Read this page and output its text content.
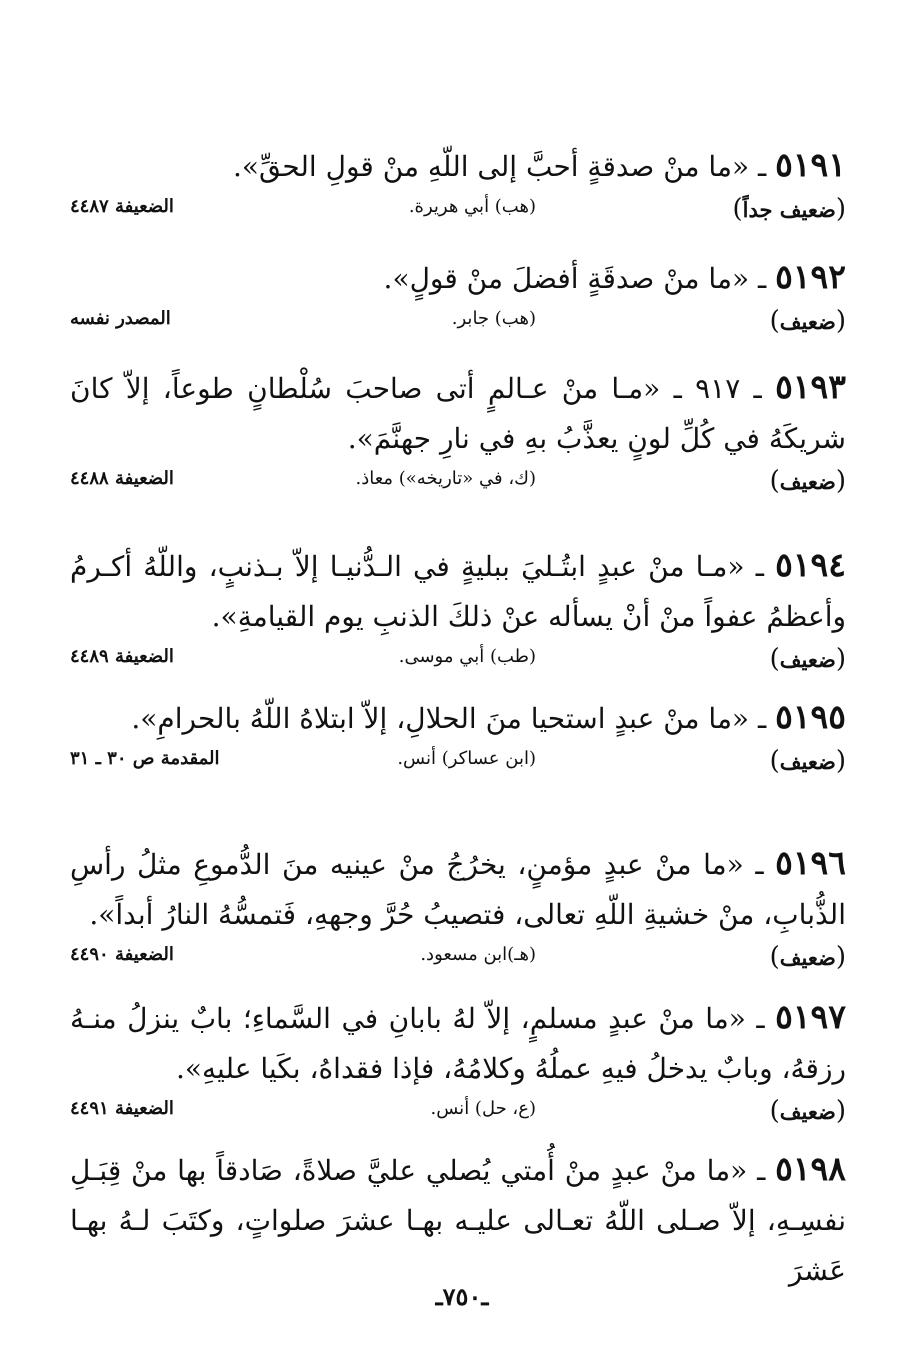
٥١٩١ ـ «ما منْ صدقةٍ أحبَّ إلى اللّهِ منْ قولِ الحقِّ».

(ضعيف جداً)
(هب) أبي هريرة.
الضعيفة ٤٤٨٧

٥١٩٢ ـ «ما منْ صدقَةٍ أفضلَ منْ قولٍ».

(ضعيف)
(هب) جابر.
المصدر نفسه

٥١٩٣ ـ ٩١٧ ـ «مـا منْ عـالمٍ أتى صاحبَ سُلْطانٍ طوعاً، إلاّ كانَ شريكَهُ في كُلِّ لونٍ يعذَّبُ بهِ في نارِ جهنَّمَ».

(ضعيف)
(ك، في «تاريخه») معاذ.
الضعيفة ٤٤٨٨

٥١٩٤ ـ «مـا منْ عبدٍ ابتُـليَ ببليةٍ في الـدُّنيـا إلاّ بـذنبٍ، واللّهُ أكـرمُ وأعظمُ عفواً منْ أنْ يسأله عنْ ذلكَ الذنبِ يوم القيامةِ».

(ضعيف)
(طب) أبي موسى.
الضعيفة ٤٤٨٩

٥١٩٥ ـ «ما منْ عبدٍ استحيا منَ الحلالِ، إلاّ ابتلاهُ اللّهُ بالحرامِ».

(ضعيف)
(ابن عساكر) أنس.
المقدمة ص ٣٠ ـ ٣١

٥١٩٦ ـ «ما منْ عبدٍ مؤمنٍ، يخرُجُ منْ عينيه منَ الدُّموعِ مثلُ رأسِ الذُّبابِ، منْ خشيةِ اللّهِ تعالى، فتصيبُ حُرَّ وجههِ، فَتمسُّهُ النارُ أبداً».

(ضعيف)
(هـ)ابن مسعود.
الضعيفة ٤٤٩٠

٥١٩٧ ـ «ما منْ عبدٍ مسلمٍ، إلاّ لهُ بابانِ في السَّماءِ؛ بابٌ ينزلُ منـهُ رزقهُ، وبابٌ يدخلُ فيهِ عملُهُ وكلامُهُ، فإذا فقداهُ، بكَيا عليهِ».

(ضعيف)
(ع، حل) أنس.
الضعيفة ٤٤٩١

٥١٩٨ ـ «ما منْ عبدٍ منْ أُمتي يُصلي عليَّ صلاةً، صَادقاً بها منْ قِبَـلِ نفسِـهِ، إلاّ صـلى اللّهُ تعـالى عليـه بهـا عشرَ صلواتٍ، وكتَبَ لـهُ بهـا عَشرَ

ـ٧٥٠ـ
